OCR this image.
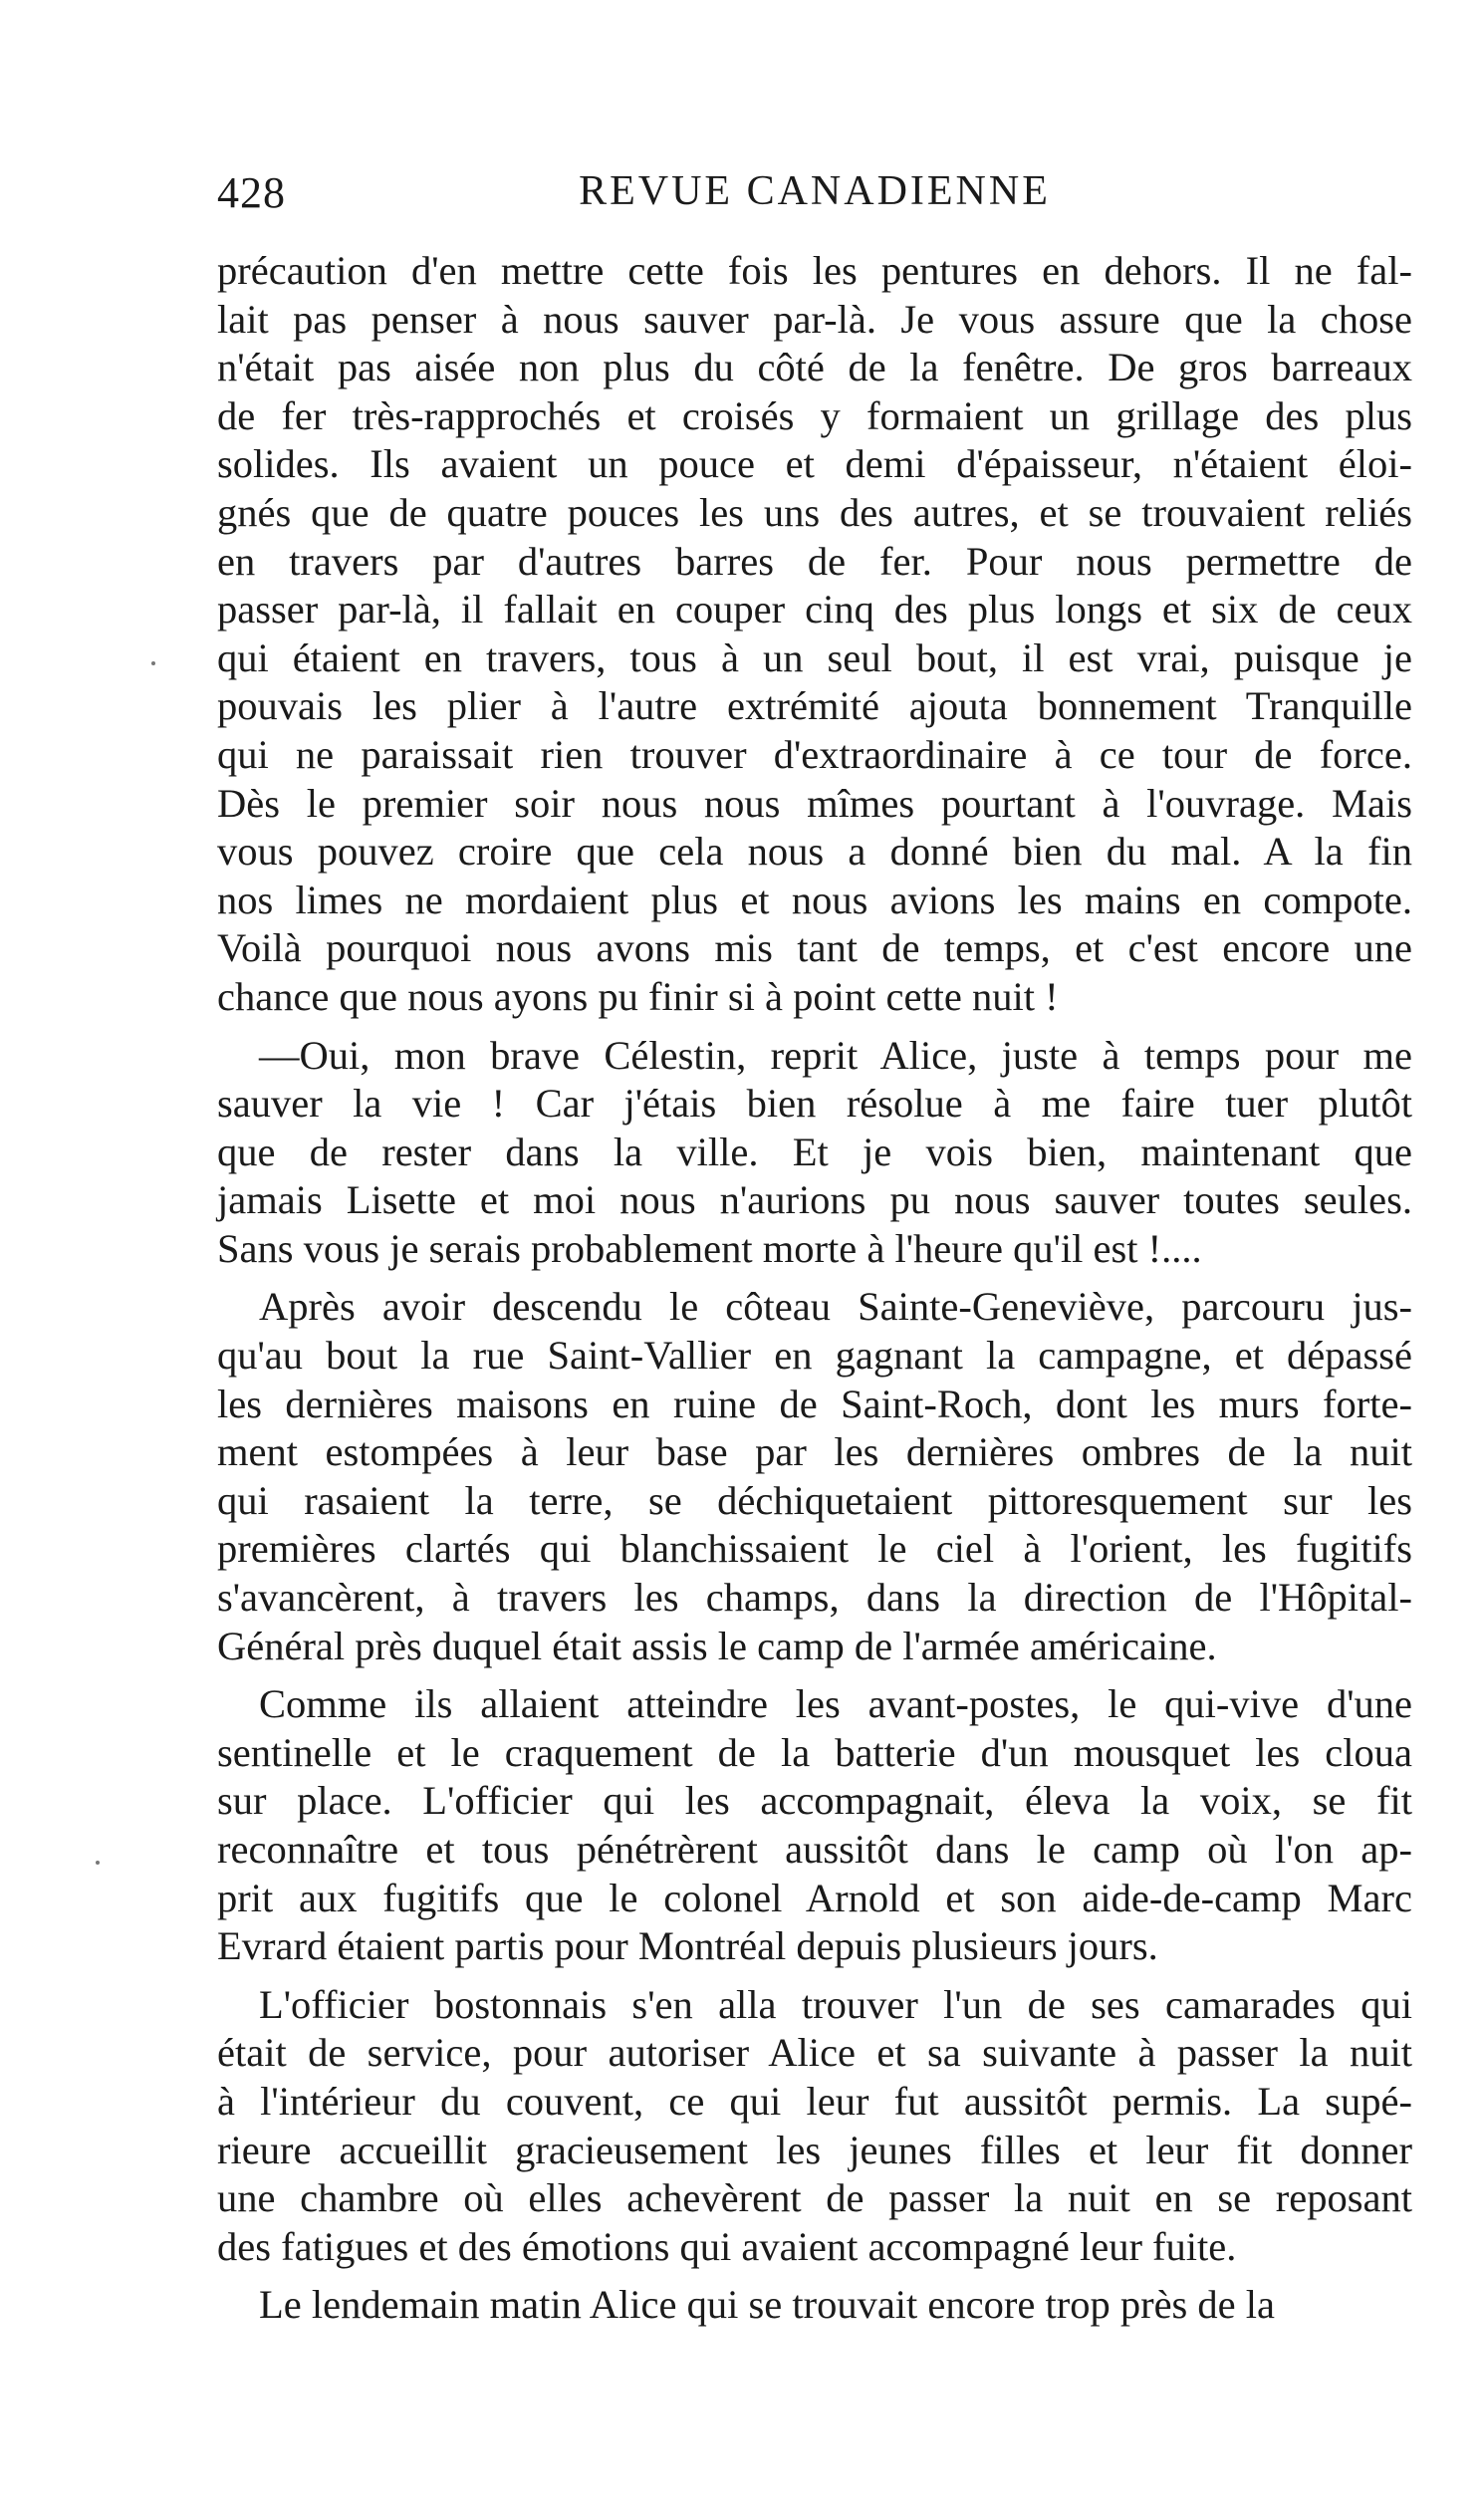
428	REVUE CANADIENNE
précaution d'en mettre cette fois les pentures en dehors. Il ne fal-
lait pas penser à nous sauver par-là. Je vous assure que la chose
n'était pas aisée non plus du côté de la fenêtre. De gros barreaux
de fer très-rapprochés et croisés y formaient un grillage des plus
solides. Ils avaient un pouce et demi d'épaisseur, n'étaient éloi-
gnés que de quatre pouces les uns des autres, et se trouvaient reliés
en travers par d'autres barres de fer. Pour nous permettre de
passer par-là, il fallait en couper cinq des plus longs et six de ceux
qui étaient en travers, tous à un seul bout, il est vrai, puisque je
pouvais les plier à l'autre extrémité ajouta bonnement Tranquille
qui ne paraissait rien trouver d'extraordinaire à ce tour de force.
Dès le premier soir nous nous mîmes pourtant à l'ouvrage. Mais
vous pouvez croire que cela nous a donné bien du mal. A la fin
nos limes ne mordaient plus et nous avions les mains en compote.
Voilà pourquoi nous avons mis tant de temps, et c'est encore une
chance que nous ayons pu finir si à point cette nuit !
—Oui, mon brave Célestin, reprit Alice, juste à temps pour me
sauver la vie ! Car j'étais bien résolue à me faire tuer plutôt
que de rester dans la ville. Et je vois bien, maintenant que
jamais Lisette et moi nous n'aurions pu nous sauver toutes seules.
Sans vous je serais probablement morte à l'heure qu'il est !....
Après avoir descendu le côteau Sainte-Geneviève, parcouru jus-
qu'au bout la rue Saint-Vallier en gagnant la campagne, et dépassé
les dernières maisons en ruine de Saint-Roch, dont les murs forte-
ment estompées à leur base par les dernières ombres de la nuit
qui rasaient la terre, se déchiquetaient pittoresquement sur les
premières clartés qui blanchissaient le ciel à l'orient, les fugitifs
s'avancèrent, à travers les champs, dans la direction de l'Hôpital-
Général près duquel était assis le camp de l'armée américaine.
Comme ils allaient atteindre les avant-postes, le qui-vive d'une
sentinelle et le craquement de la batterie d'un mousquet les cloua
sur place. L'officier qui les accompagnait, éleva la voix, se fit
reconnaître et tous pénétrèrent aussitôt dans le camp où l'on ap-
prit aux fugitifs que le colonel Arnold et son aide-de-camp Marc
Evrard étaient partis pour Montréal depuis plusieurs jours.
L'officier bostonnais s'en alla trouver l'un de ses camarades qui
était de service, pour autoriser Alice et sa suivante à passer la nuit
à l'intérieur du couvent, ce qui leur fut aussitôt permis. La supé-
rieure accueillit gracieusement les jeunes filles et leur fit donner
une chambre où elles achevèrent de passer la nuit en se reposant
des fatigues et des émotions qui avaient accompagné leur fuite.
Le lendemain matin Alice qui se trouvait encore trop près de la
